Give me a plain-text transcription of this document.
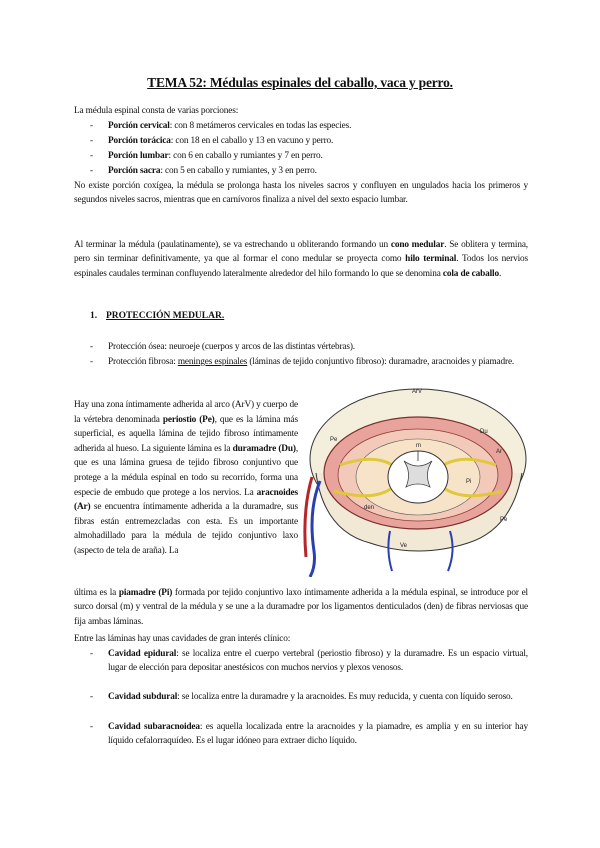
TEMA 52: Médulas espinales del caballo, vaca y perro.
La médula espinal consta de varias porciones:
- Porción cervical: con 8 metámeros cervicales en todas las especies.
- Porción torácica: con 18 en el caballo y 13 en vacuno y perro.
- Porción lumbar: con 6 en caballo y rumiantes y 7 en perro.
- Porción sacra: con 5 en caballo y rumiantes, y 3 en perro.
No existe porción coxígea, la médula se prolonga hasta los niveles sacros y confluyen en ungulados hacia los primeros y segundos niveles sacros, mientras que en carnívoros finaliza a nivel del sexto espacio lumbar.
Al terminar la médula (paulatinamente), se va estrechando u obliterando formando un cono medular. Se oblitera y termina, pero sin terminar definitivamente, ya que al formar el cono medular se proyecta como hilo terminal. Todos los nervios espinales caudales terminan confluyendo lateralmente alrededor del hilo formando lo que se denomina cola de caballo.
1. PROTECCIÓN MEDULAR.
- Protección ósea: neuroeje (cuerpos y arcos de las distintas vértebras).
- Protección fibrosa: meninges espinales (láminas de tejido conjuntivo fibroso): duramadre, aracnoides y piamadre.
Hay una zona íntimamente adherida al arco (ArV) y cuerpo de la vértebra denominada periostio (Pe), que es la lámina más superficial, es aquella lámina de tejido fibroso íntimamente adherida al hueso. La siguiente lámina es la duramadre (Du), que es una lámina gruesa de tejido fibroso conjuntivo que protege a la médula espinal en todo su recorrido, forma una especie de embudo que protege a los nervios. La aracnoides (Ar) se encuentra íntimamente adherida a la duramadre, sus fibras están entremezcladas con esta. Es un importante almohadillado para la médula de tejido conjuntivo laxo (aspecto de tela de araña). La
ArV
Pe
Du
Ar
Pi
m
den
Pe
Ve
última es la piamadre (Pi) formada por tejido conjuntivo laxo íntimamente adherida a la médula espinal, se introduce por el surco dorsal (m) y ventral de la médula y se une a la duramadre por los ligamentos denticulados (den) de fibras nerviosas que fija ambas láminas.
Entre las láminas hay unas cavidades de gran interés clínico:
- Cavidad epidural: se localiza entre el cuerpo vertebral (periostio fibroso) y la duramadre. Es un espacio virtual, lugar de elección para depositar anestésicos con muchos nervios y plexos venosos.
- Cavidad subdural: se localiza entre la duramadre y la aracnoides. Es muy reducida, y cuenta con líquido seroso.
- Cavidad subaracnoidea: es aquella localizada entre la aracnoides y la piamadre, es amplia y en su interior hay líquido cefalorraquídeo. Es el lugar idóneo para extraer dicho líquido.
